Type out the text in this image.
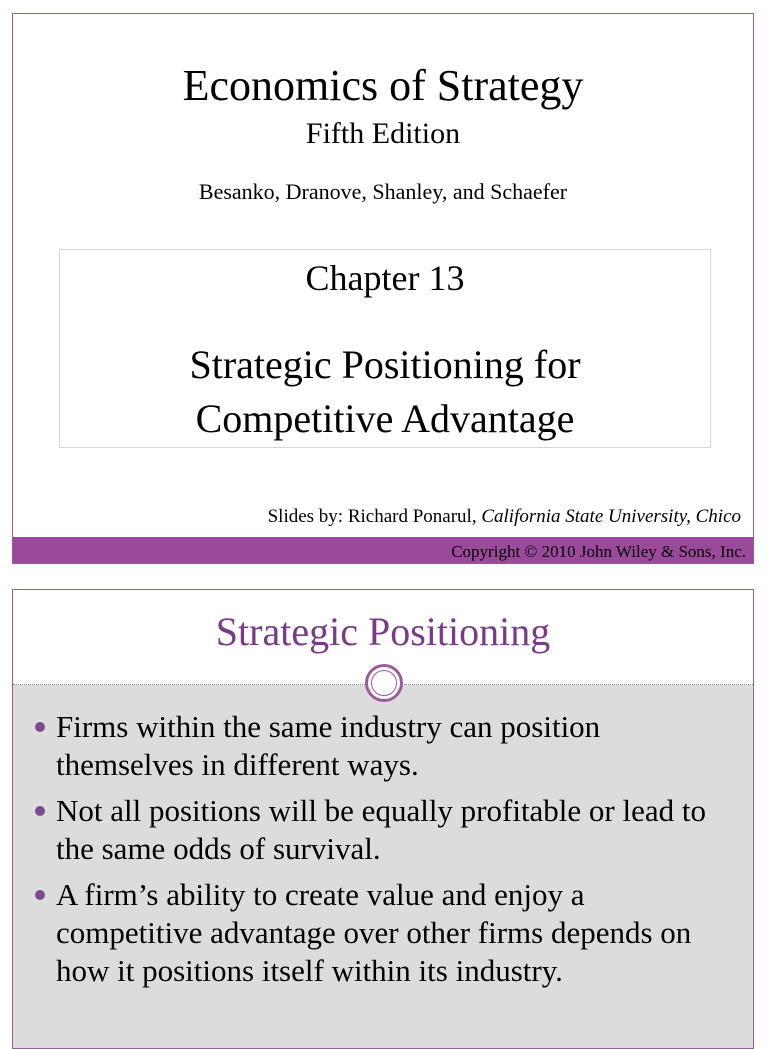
Economics of Strategy
Fifth Edition
Besanko, Dranove, Shanley, and Schaefer
Chapter 13
Strategic Positioning for
Competitive Advantage
Slides by: Richard Ponarul, California State University, Chico
Copyright © 2010 John Wiley & Sons, Inc.
Strategic Positioning
Firms within the same industry can position themselves in different ways.
Not all positions will be equally profitable or lead to the same odds of survival.
A firm’s ability to create value and enjoy a competitive advantage over other firms depends on how it positions itself within its industry.
